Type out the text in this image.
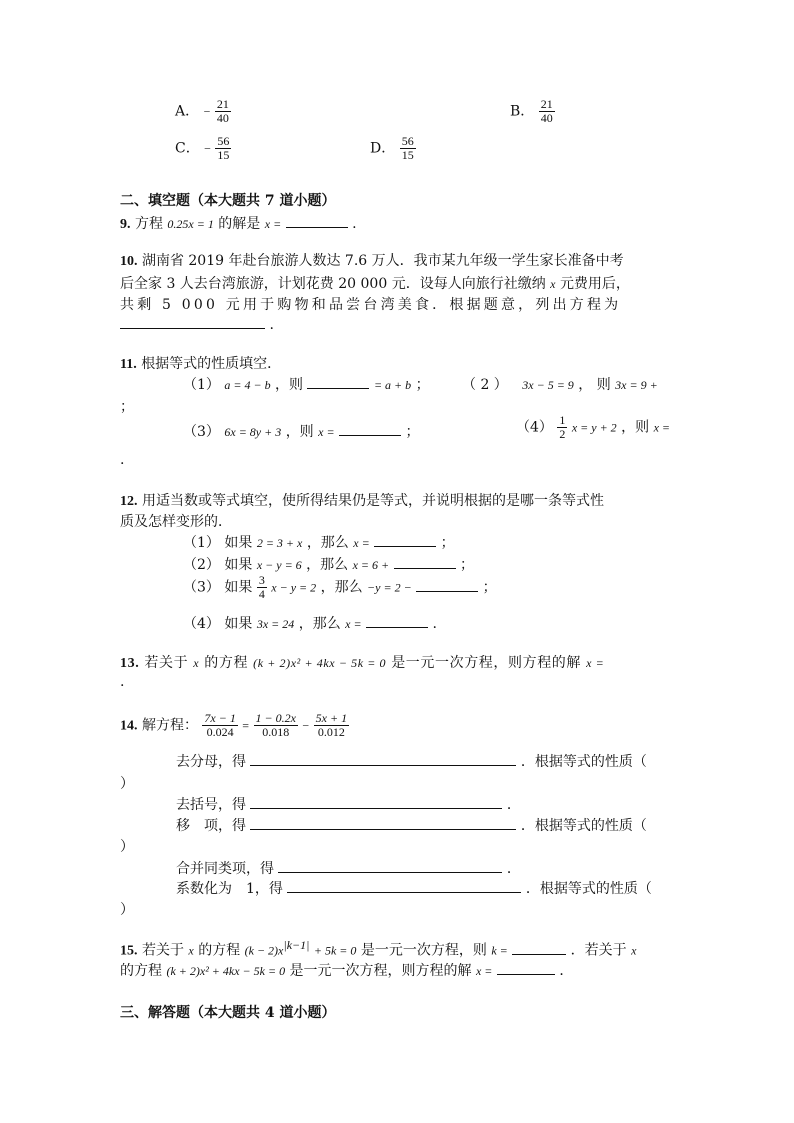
A． − $\frac{21}{40}$	B． $\frac{21}{40}$
C． − $\frac{56}{15}$	D． $\frac{56}{15}$
二、填空题（本大题共 7 道小题）
9. 方程 0.25x = 1 的解是 x =	.
10. 湖南省 2019 年赴台旅游人数达 7.6 万人．我市某九年级一学生家长准备中考
后全家 3 人去台湾旅游，计划花费 20 000 元．设每人向旅行社缴纳 x 元费用后，
共剩 5 000 元用于购物和品尝台湾美食．根据题意，列出方程为
.
11. 根据等式的性质填空．
（1） a = 4 − b ，则	= a + b ； （ 2 ） 3x − 5 = 9 ， 则 3x = 9 +
；
（3） 6x = 8y + 3 ，则 x =	；	$(4) \frac{1}{2}$ x = y + 2 ，则 x =
.
12. 用适当数或等式填空，使所得结果仍是等式，并说明根据的是哪一条等式性
质及怎样变形的．
（1） 如果 2 = 3 + x ，那么 x =	；
（2） 如果 x − y = 6 ，那么 x = 6 +	；
（3） 如果 $\frac{3}{4}$ x − y = 2 ，那么 −y = 2 −	；
（4） 如果 3x = 24 ，那么 x =	.
13. 若关于 x 的方程 (k + 2)x² + 4kx − 5k = 0 是一元一次方程，则方程的解 x =
.
14. 解方程： $\frac{7x - 1}{0.024} = \frac{1 - 0.2x}{0.018} - \frac{5x + 1}{0.012}$
去分母，得	．根据等式的性质（
）
去括号，得	．
移　项，得	．根据等式的性质（
）
合并同类项，得	．
系数化为　1，得	．根据等式的性质（
）
15. 若关于 x 的方程 $(k - 2)x^{|k-1|} + 5k = 0$ 是一元一次方程，则 k =	．若关于 x
的方程 (k + 2)x² + 4kx − 5k = 0 是一元一次方程，则方程的解 x =	．
三、解答题（本大题共 4 道小题）
